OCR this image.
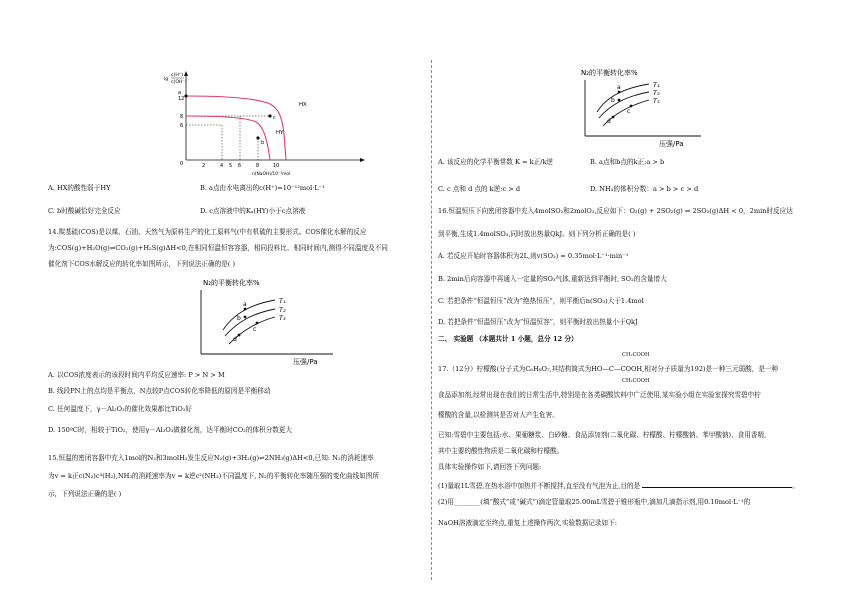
lg
c(H⁺)
c(OH⁻)
12
8
6
0
a
c
b
HX
HY
2	4 5 6	8	10
n(NaOH)/10⁻³mol
A. HX的酸性弱于HY	B. a点由水电离出的c(H⁺)=10⁻¹²mol·L⁻¹
C. b时酸碱恰好完全反应	D. c点溶液中的Kₐ(HY)小于c点溶液
14.羰基硫(COS)是以煤、石油、天然气为原料生产的化工原料气(中有机硫的主要形式。COS催化水解的反应
为:COS(g)+H₂O(g)⇌CO₂(g)+H₂S(g)ΔH<0,在相同恒温恒容容器，相同投料比、相同时间内,测得不同温度及不同
催化剂下COS水解反应的转化率如图所示，下列说法正确的是( )
N₂的平衡转化率%
T₁
T₂
T₃
a
b
c
d
压强/Pa
A. 以COS浓度表示的该段时间内平均反应速率: P > N > M
B. 线段PN上的点均是平衡点，N点较P点COS转化率降低的原因是平衡移动
C. 任何温度下，γ－Al₂O₃的催化效果都比TiO₂好
D. 150ºC时，相较于TiO₂，使用γ－Al₂O₃做催化剂，达平衡时CO₂的体积分数更大
15.恒温的密闭容器中充入1mol的N₂和3molH₂发生反应N₂(g)+3H₂(g)⇌2NH₃(g)ΔH<0,已知: N₂的消耗速率
为v = k正c(N₂)c³(H₂),NH₃的消耗速率为v = k逆c²(NH₃)不同温度下, N₂的平衡转化率随压强的变化曲线如图所
示，下列说法正确的是( )
N₂的平衡转化率%
T₁
T₂
T₃
a
b
c
d
压强/Pa
A. 该反应的化学平衡常数 K = k正/k逆	B. a点和b点的k正:a > b
C. c 点和 d 点的 k逆:c > d	D. NH₃的体积分数：a > b > c > d
16.恒温恒压下向密闭容器中充入4molSO₂和2molO₂,反应如下：O₂(g) + 2SO₂(g) ⇌ 2SO₃(g)ΔH < 0，2min时反应达
到平衡,生成1.4molSO₃,同时放出热量QkJ。则下列分析正确的是( )
A. 若反应开始时容器体积为2L,则v(SO₃) = 0.35mol·L⁻¹·min⁻¹
B. 2min后向容器中再通入一定量的SO₃气体,重新达到平衡时, SO₂的含量增大
C. 若把条件“恒温恒压”改为“绝热恒压”，则平衡后n(SO₃)大于1.4mol
D. 若把条件“恒温恒压”改为“恒温恒容”，则平衡时放出热量小于QkJ
二、 实验题 （本题共计 1 小题，总分 12 分）
CH₂COOH
CH₂COOH
17.（12分）柠檬酸(分子式为C₆H₈O₇,其结构简式为HO—C—COOH,相对分子质量为192)是一种三元弱酸，是一种
食品添加剂,经常出现在我们的日常生活中,特别是在各类碳酸饮料中广泛使用,某实验小组在实验室探究雪碧中柠
檬酸的含量,以检测其是否对人产生危害。
已知:雪碧中主要包括:水、果葡糖浆、白砂糖、食品添加剂(二氧化碳、柠檬酸、柠檬酸钠、苯甲酸钠)、食用香精,
其中主要的酸性物质是二氧化碳和柠檬酸。
具体实验操作如下,请回答下列问题:
(1)量取1L雪碧,在热水浴中加热并不断搅拌,直至没有气泡为止,目的是	。
(2)用________(填“酸式”或“碱式”)滴定管量取25.00mL雪碧于锥形瓶中,滴加几滴指示剂,用0.10mol·L⁻¹的
NaOH溶液滴定至终点,重复上述操作两次,实验数据记录如下:
